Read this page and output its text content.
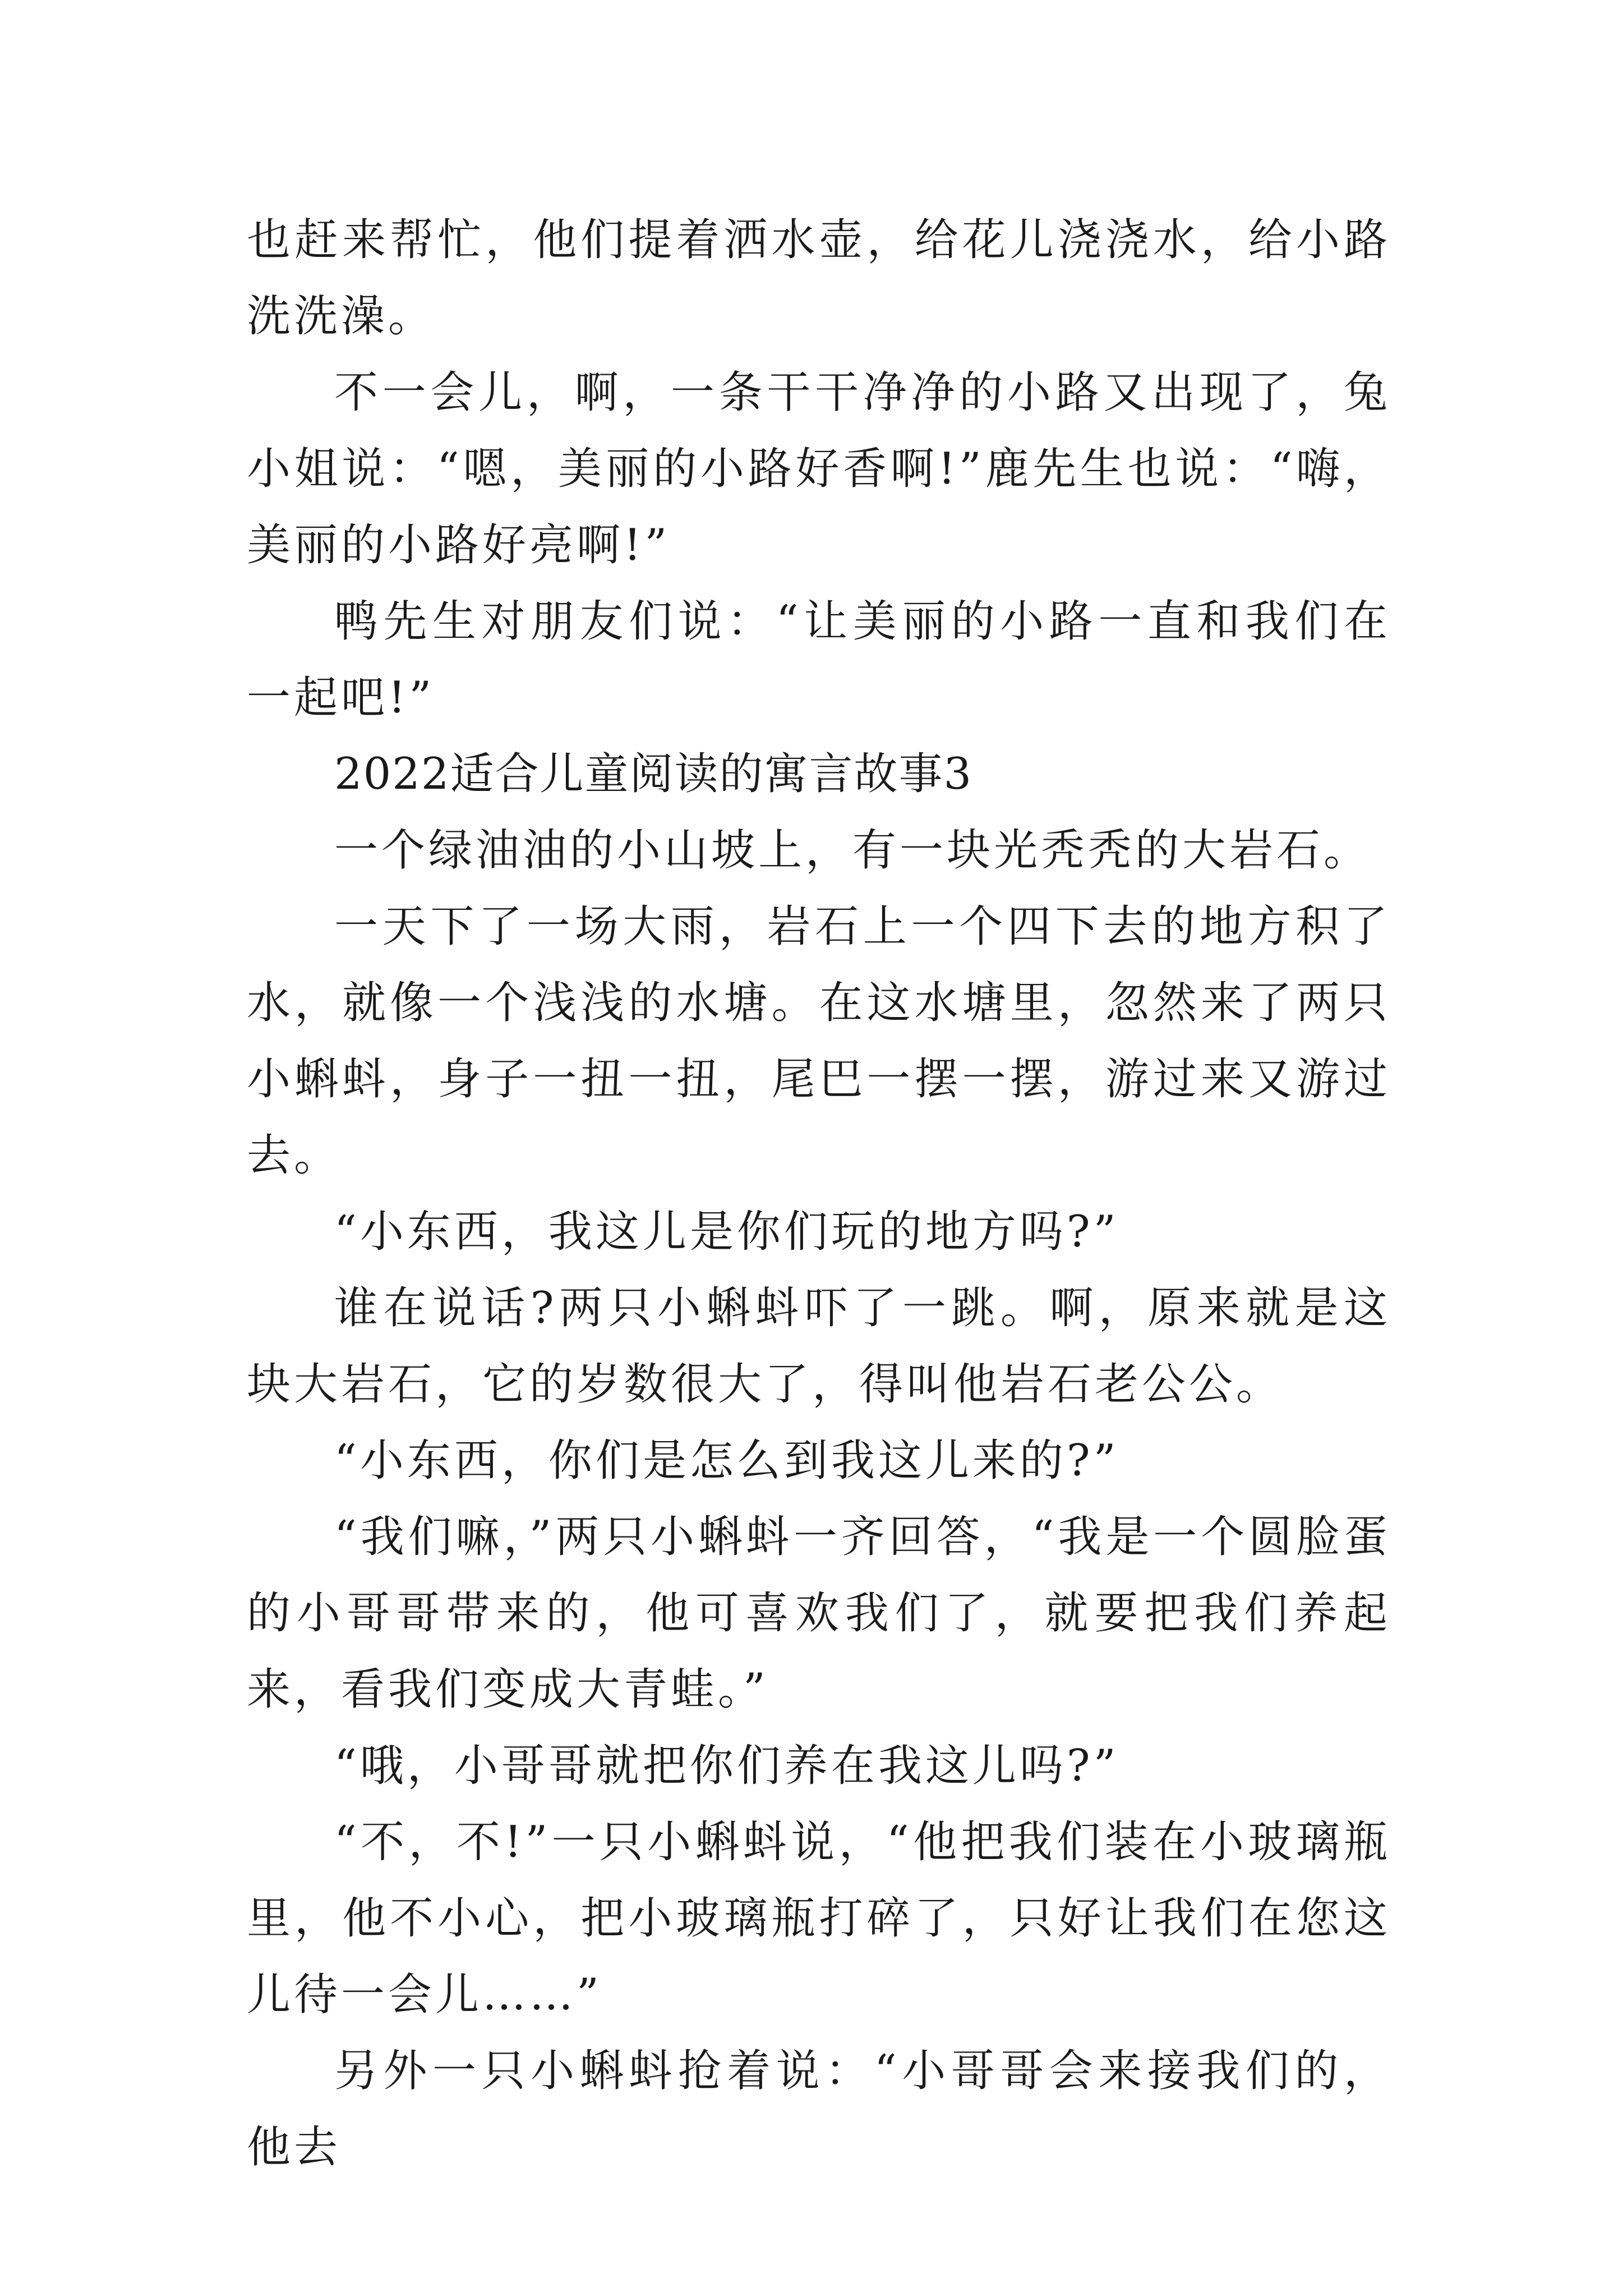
也赶来帮忙，他们提着洒水壶，给花儿浇浇水，给小路洗洗澡。

不一会儿，啊，一条干干净净的小路又出现了，兔小姐说：“嗯，美丽的小路好香啊!”鹿先生也说：“嗨，美丽的小路好亮啊!”

鸭先生对朋友们说：“让美丽的小路一直和我们在一起吧!”

2022适合儿童阅读的寓言故事3

一个绿油油的小山坡上，有一块光秃秃的大岩石。

一天下了一场大雨，岩石上一个四下去的地方积了水，就像一个浅浅的水塘。在这水塘里，忽然来了两只小蝌蚪，身子一扭一扭，尾巴一摆一摆，游过来又游过去。

“小东西，我这儿是你们玩的地方吗?”

谁在说话?两只小蝌蚪吓了一跳。啊，原来就是这块大岩石，它的岁数很大了，得叫他岩石老公公。

“小东西，你们是怎么到我这儿来的?”

“我们嘛，”两只小蝌蚪一齐回答，“我是一个圆脸蛋的小哥哥带来的，他可喜欢我们了，就要把我们养起来，看我们变成大青蛙。”

“哦，小哥哥就把你们养在我这儿吗?”

“不，不!”一只小蝌蚪说，“他把我们装在小玻璃瓶里，他不小心，把小玻璃瓶打碎了，只好让我们在您这儿待一会儿……”

另外一只小蝌蚪抢着说：“小哥哥会来接我们的，他去
